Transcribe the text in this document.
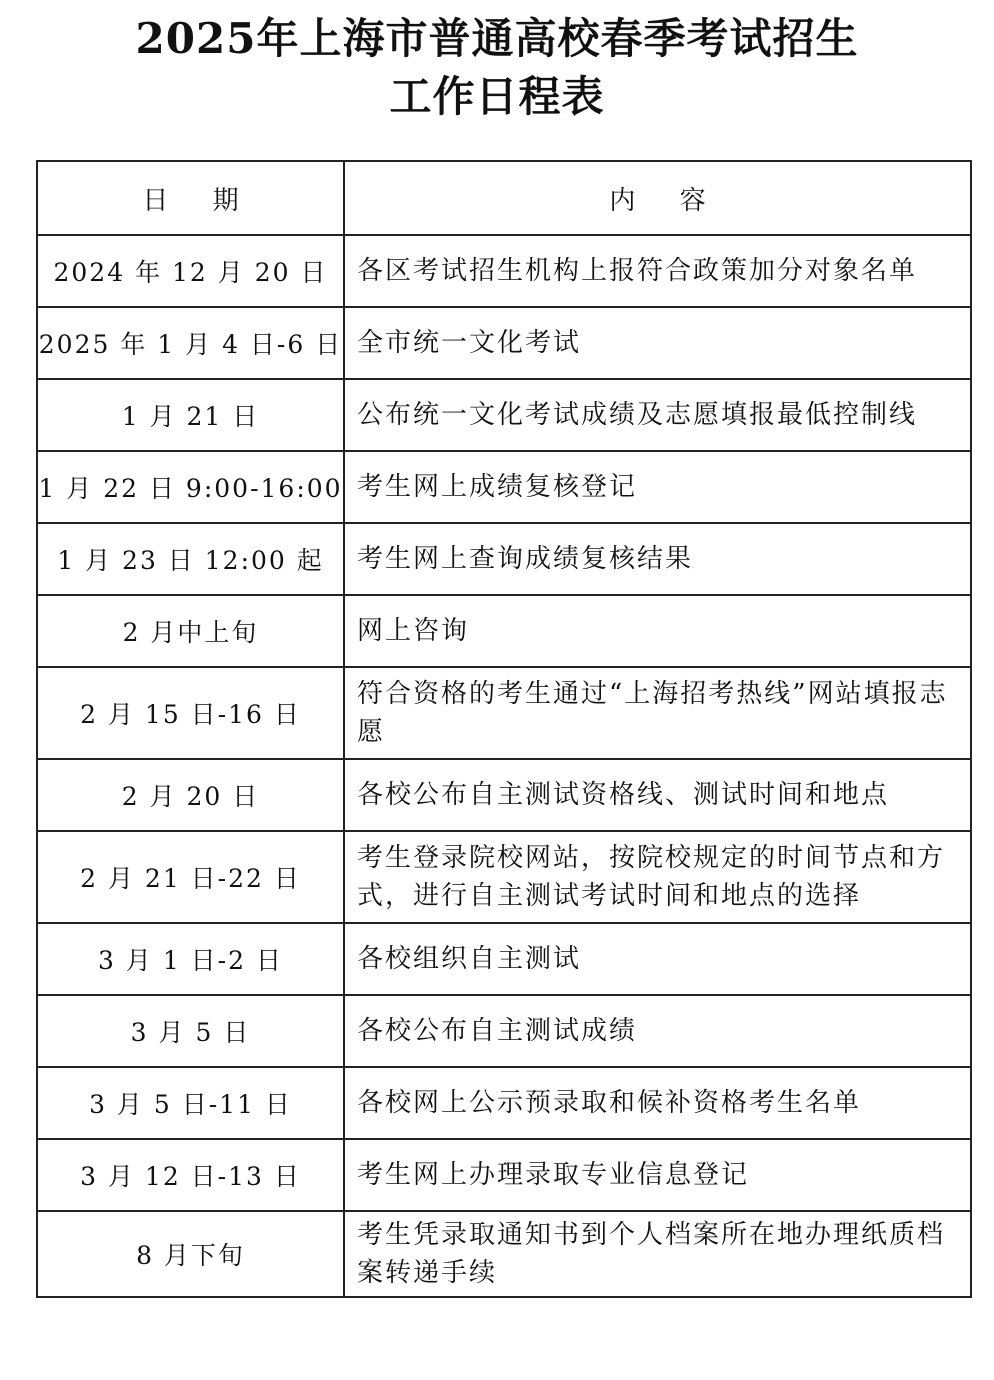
2025年上海市普通高校春季考试招生
工作日程表
日 期	内 容
2024 年 12 月 20 日	各区考试招生机构上报符合政策加分对象名单
2025 年 1 月 4 日-6 日	全市统一文化考试
1 月 21 日	公布统一文化考试成绩及志愿填报最低控制线
1 月 22 日 9:00-16:00	考生网上成绩复核登记
1 月 23 日 12:00 起	考生网上查询成绩复核结果
2 月中上旬	网上咨询
2 月 15 日-16 日	符合资格的考生通过“上海招考热线”网站填报志愿
2 月 20 日	各校公布自主测试资格线、测试时间和地点
2 月 21 日-22 日	考生登录院校网站，按院校规定的时间节点和方式，进行自主测试考试时间和地点的选择
3 月 1 日-2 日	各校组织自主测试
3 月 5 日	各校公布自主测试成绩
3 月 5 日-11 日	各校网上公示预录取和候补资格考生名单
3 月 12 日-13 日	考生网上办理录取专业信息登记
8 月下旬	考生凭录取通知书到个人档案所在地办理纸质档案转递手续
